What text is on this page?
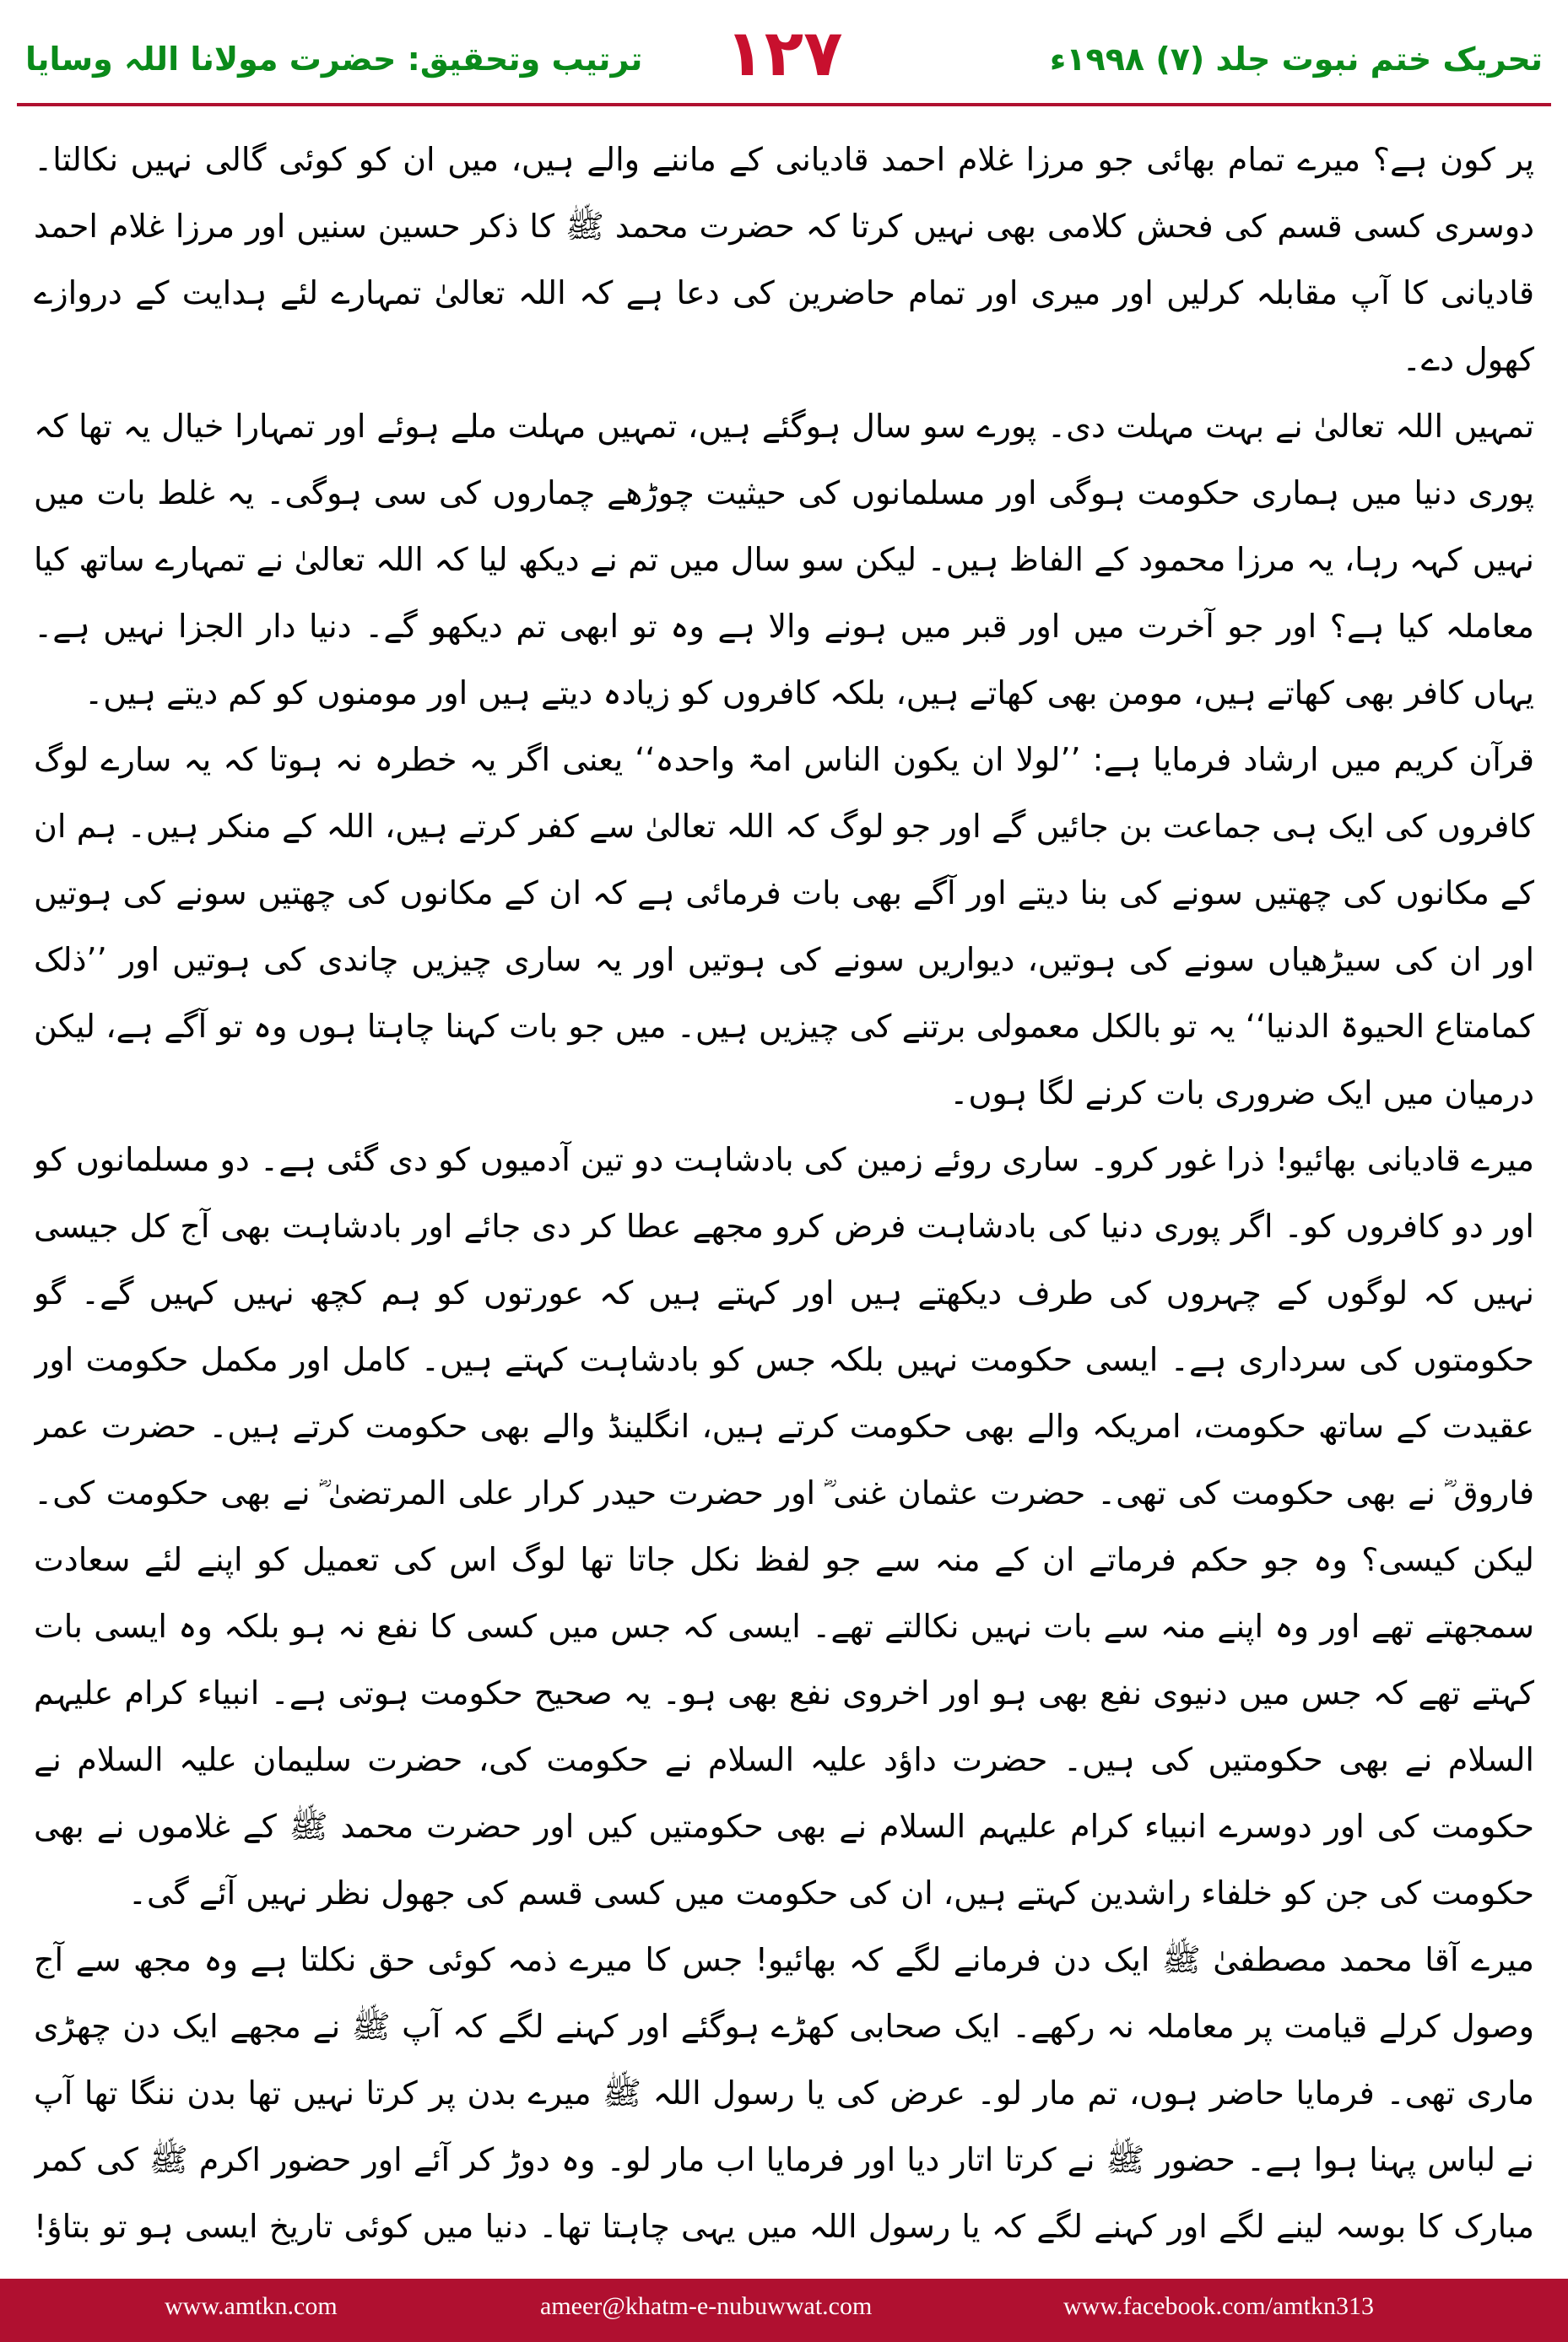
ترتیب وتحقیق: حضرت مولانا اللہ وسایا	۱۲۷	تحریک ختم نبوت جلد (۷) ۱۹۹۸ء

پر کون ہے؟ میرے تمام بھائی جو مرزا غلام احمد قادیانی کے ماننے والے ہیں، میں ان کو کوئی گالی نہیں نکالتا۔ دوسری کسی قسم کی فحش کلامی بھی نہیں کرتا کہ حضرت محمد ﷺ کا ذکر حسین سنیں اور مرزا غلام احمد قادیانی کا آپ مقابلہ کرلیں اور میری اور تمام حاضرین کی دعا ہے کہ اللہ تعالیٰ تمہارے لئے ہدایت کے دروازے کھول دے۔

تمہیں اللہ تعالیٰ نے بہت مہلت دی۔ پورے سو سال ہوگئے ہیں، تمہیں مہلت ملے ہوئے اور تمہارا خیال یہ تھا کہ پوری دنیا میں ہماری حکومت ہوگی اور مسلمانوں کی حیثیت چوڑھے چماروں کی سی ہوگی۔ یہ غلط بات میں نہیں کہہ رہا، یہ مرزا محمود کے الفاظ ہیں۔ لیکن سو سال میں تم نے دیکھ لیا کہ اللہ تعالیٰ نے تمہارے ساتھ کیا معاملہ کیا ہے؟ اور جو آخرت میں اور قبر میں ہونے والا ہے وہ تو ابھی تم دیکھو گے۔ دنیا دار الجزا نہیں ہے۔ یہاں کافر بھی کھاتے ہیں، مومن بھی کھاتے ہیں، بلکہ کافروں کو زیادہ دیتے ہیں اور مومنوں کو کم دیتے ہیں۔

قرآن کریم میں ارشاد فرمایا ہے: ’’لولا ان یکون الناس امۃ واحدہ‘‘ یعنی اگر یہ خطرہ نہ ہوتا کہ یہ سارے لوگ کافروں کی ایک ہی جماعت بن جائیں گے اور جو لوگ کہ اللہ تعالیٰ سے کفر کرتے ہیں، اللہ کے منکر ہیں۔ ہم ان کے مکانوں کی چھتیں سونے کی بنا دیتے اور آگے بھی بات فرمائی ہے کہ ان کے مکانوں کی چھتیں سونے کی ہوتیں اور ان کی سیڑھیاں سونے کی ہوتیں، دیواریں سونے کی ہوتیں اور یہ ساری چیزیں چاندی کی ہوتیں اور ’’ذلک کمامتاع الحیوۃ الدنیا‘‘ یہ تو بالکل معمولی برتنے کی چیزیں ہیں۔ میں جو بات کہنا چاہتا ہوں وہ تو آگے ہے، لیکن درمیان میں ایک ضروری بات کرنے لگا ہوں۔

میرے قادیانی بھائیو! ذرا غور کرو۔ ساری روئے زمین کی بادشاہت دو تین آدمیوں کو دی گئی ہے۔ دو مسلمانوں کو اور دو کافروں کو۔ اگر پوری دنیا کی بادشاہت فرض کرو مجھے عطا کر دی جائے اور بادشاہت بھی آج کل جیسی نہیں کہ لوگوں کے چہروں کی طرف دیکھتے ہیں اور کہتے ہیں کہ عورتوں کو ہم کچھ نہیں کہیں گے۔ گو حکومتوں کی سرداری ہے۔ ایسی حکومت نہیں بلکہ جس کو بادشاہت کہتے ہیں۔ کامل اور مکمل حکومت اور عقیدت کے ساتھ حکومت، امریکہ والے بھی حکومت کرتے ہیں، انگلینڈ والے بھی حکومت کرتے ہیں۔ حضرت عمر فاروق ؓ نے بھی حکومت کی تھی۔ حضرت عثمان غنی ؓ اور حضرت حیدر کرار علی المرتضیٰ ؓ نے بھی حکومت کی۔ لیکن کیسی؟ وہ جو حکم فرماتے ان کے منہ سے جو لفظ نکل جاتا تھا لوگ اس کی تعمیل کو اپنے لئے سعادت سمجھتے تھے اور وہ اپنے منہ سے بات نہیں نکالتے تھے۔ ایسی کہ جس میں کسی کا نفع نہ ہو بلکہ وہ ایسی بات کہتے تھے کہ جس میں دنیوی نفع بھی ہو اور اخروی نفع بھی ہو۔ یہ صحیح حکومت ہوتی ہے۔ انبیاء کرام علیہم السلام نے بھی حکومتیں کی ہیں۔ حضرت داؤد علیہ السلام نے حکومت کی، حضرت سلیمان علیہ السلام نے حکومت کی اور دوسرے انبیاء کرام علیہم السلام نے بھی حکومتیں کیں اور حضرت محمد ﷺ کے غلاموں نے بھی حکومت کی جن کو خلفاء راشدین کہتے ہیں، ان کی حکومت میں کسی قسم کی جھول نظر نہیں آئے گی۔

میرے آقا محمد مصطفیٰ ﷺ ایک دن فرمانے لگے کہ بھائیو! جس کا میرے ذمہ کوئی حق نکلتا ہے وہ مجھ سے آج وصول کرلے قیامت پر معاملہ نہ رکھے۔ ایک صحابی کھڑے ہوگئے اور کہنے لگے کہ آپ ﷺ نے مجھے ایک دن چھڑی ماری تھی۔ فرمایا حاضر ہوں، تم مار لو۔ عرض کی یا رسول اللہ ﷺ میرے بدن پر کرتا نہیں تھا بدن ننگا تھا آپ نے لباس پہنا ہوا ہے۔ حضور ﷺ نے کرتا اتار دیا اور فرمایا اب مار لو۔ وہ دوڑ کر آئے اور حضور اکرم ﷺ کی کمر مبارک کا بوسہ لینے لگے اور کہنے لگے کہ یا رسول اللہ میں یہی چاہتا تھا۔ دنیا میں کوئی تاریخ ایسی ہو تو بتاؤ!

www.amtkn.com	ameer@khatm-e-nubuwwat.com	www.facebook.com/amtkn313
